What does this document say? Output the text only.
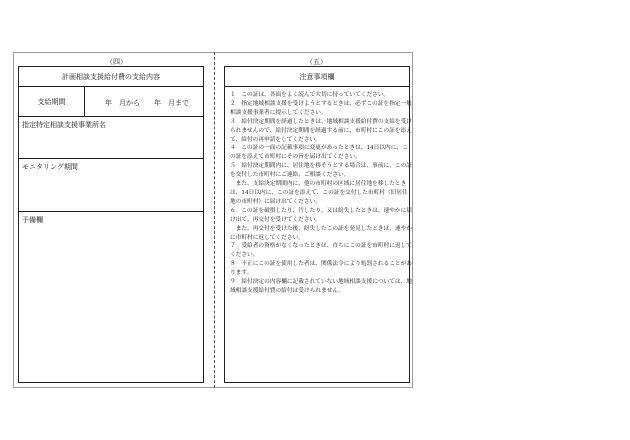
（四）
計画相談支援給付費の支給内容
支給期間	年　月から　　年　月まで
指定特定相談支援事業所名
モニタリング期間
予備欄
（五）
注意事項欄

１　この証は、各面をよく読んで大切に持っていてください。

２　指定地域相談支援を受けようとするときは、必ずこの証を指定一般相談支援事業者に提示してください。

３　給付決定期間を経過したときは、地域相談支援給付費の支給を受けられませんので、給付決定期間を経過する前に、市町村にこの証を添えて、給付の再申請をしてください。

４　この証の一面の記載事項に変更があったときは、14日以内に、この証を添えて市町村にその旨を届け出てください。

５　給付決定期間内に、居住地を移そうとする場合は、事前に、この証を交付した市町村にご連絡、ご相談ください。

　また、支給決定期間内に、他の市町村の区域に居住地を移したときは、14日以内に、この証を添えて、この証を交付した市町村（旧居住地の市町村）に届け出てください。

６　この証を破損したり、汚したり、又は紛失したときは、速やかに届け出て、再交付を受けてください。

　また、再交付を受けた後、紛失したこの証を発見したときは、速やかに市町村に返してください。

７　受給者の資格がなくなったときは、直ちにこの証を市町村に返してください。

８　不正にこの証を使用した者は、関係法令により処罰されることがあります。

９　給付決定の内容欄に記載されていない地域相談支援については、地域相談支援給付費の給付は受けられません。
